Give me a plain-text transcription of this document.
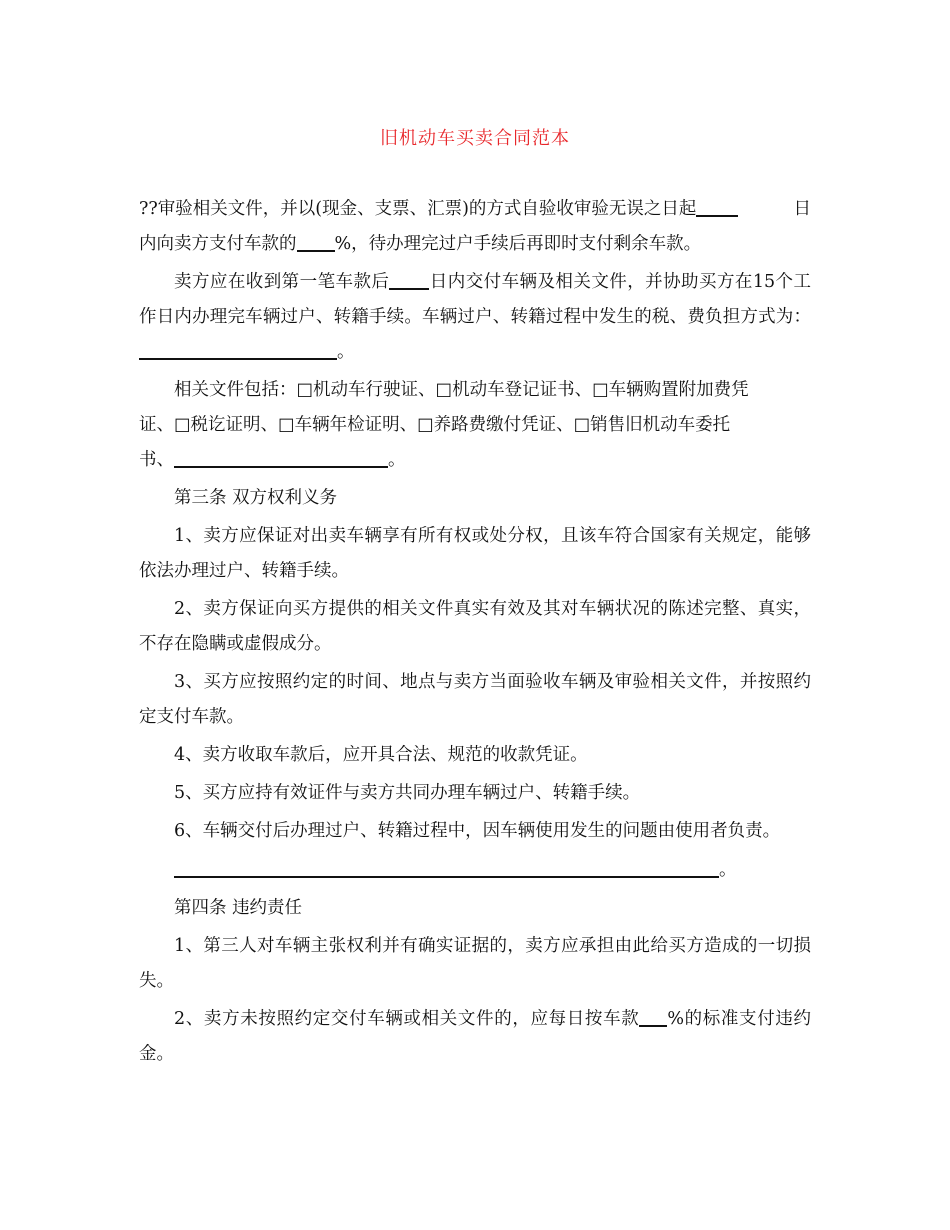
旧机动车买卖合同范本
??审验相关文件，并以(现金、支票、汇票)的方式自验收审验无误之日起	日
内向卖方支付车款的 %，待办理完过户手续后再即时支付剩余车款。
卖方应在收到第一笔车款后 日内交付车辆及相关文件，并协助买方在15个工作日内办理完车辆过户、转籍手续。车辆过户、转籍过程中发生的税、费负担方式为：。
相关文件包括：□机动车行驶证、□机动车登记证书、□车辆购置附加费凭
证、□税讫证明、□车辆年检证明、□养路费缴付凭证、□销售旧机动车委托
书、	。
第三条 双方权利义务
1、卖方应保证对出卖车辆享有所有权或处分权，且该车符合国家有关规定，能够依法办理过户、转籍手续。
2、卖方保证向买方提供的相关文件真实有效及其对车辆状况的陈述完整、真实，不存在隐瞒或虚假成分。
3、买方应按照约定的时间、地点与卖方当面验收车辆及审验相关文件，并按照约定支付车款。
4、卖方收取车款后，应开具合法、规范的收款凭证。
5、买方应持有效证件与卖方共同办理车辆过户、转籍手续。
6、车辆交付后办理过户、转籍过程中，因车辆使用发生的问题由使用者负责。
。
第四条 违约责任
1、第三人对车辆主张权利并有确实证据的，卖方应承担由此给买方造成的一切损失。
2、卖方未按照约定交付车辆或相关文件的，应每日按车款 %的标准支付违约金。
